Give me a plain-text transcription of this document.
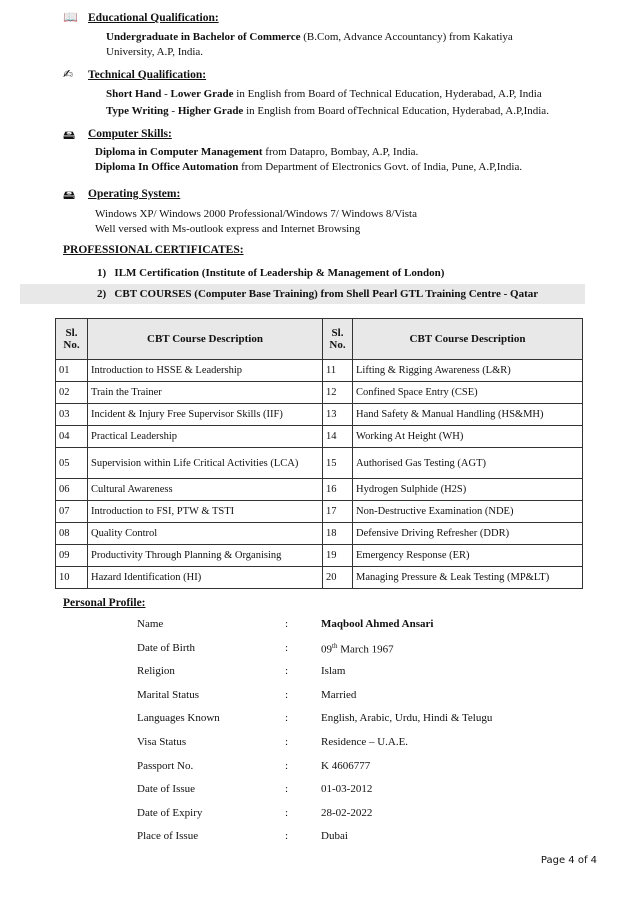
📖 Educational Qualification:
Undergraduate in Bachelor of Commerce (B.Com, Advance Accountancy) from Kakatiya
University, A.P, India.
✍ Technical Qualification:
Short Hand - Lower Grade in English from Board of Technical Education, Hyderabad, A.P, India
Type Writing - Higher Grade in English from Board ofTechnical Education, Hyderabad, A.P,India.
🖴 Computer Skills:
Diploma in Computer Management from Datapro, Bombay, A.P, India.
Diploma In Office Automation from Department of Electronics Govt. of India, Pune, A.P,India.
🖴 Operating System:
Windows XP/ Windows 2000 Professional/Windows 7/ Windows 8/Vista
Well versed with Ms-outlook express and Internet Browsing
PROFESSIONAL CERTIFICATES:
1) ILM Certification (Institute of Leadership & Management of London)
2) CBT COURSES (Computer Base Training) from Shell Pearl GTL Training Centre - Qatar
Sl.
No.	CBT Course Description	Sl.
No.	CBT Course Description
01	Introduction to HSSE & Leadership	11	Lifting & Rigging Awareness (L&R)
02	Train the Trainer	12	Confined Space Entry (CSE)
03	Incident & Injury Free Supervisor Skills (IIF)	13	Hand Safety & Manual Handling (HS&MH)
04	Practical Leadership	14	Working At Height (WH)
05	Supervision within Life Critical Activities (LCA)	15	Authorised Gas Testing (AGT)
06	Cultural Awareness	16	Hydrogen Sulphide (H2S)
07	Introduction to FSI, PTW & TSTI	17	Non-Destructive Examination (NDE)
08	Quality Control	18	Defensive Driving Refresher (DDR)
09	Productivity Through Planning & Organising	19	Emergency Response (ER)
10	Hazard Identification (HI)	20	Managing Pressure & Leak Testing (MP&LT)
Personal Profile:
Name	:	Maqbool Ahmed Ansari
Date of Birth	:	09th March 1967
Religion	:	Islam
Marital Status	:	Married
Languages Known	:	English, Arabic, Urdu, Hindi & Telugu
Visa Status	:	Residence – U.A.E.
Passport No.	:	K 4606777
Date of Issue	:	01-03-2012
Date of Expiry	:	28-02-2022
Place of Issue	:	Dubai
Page 4 of 4
